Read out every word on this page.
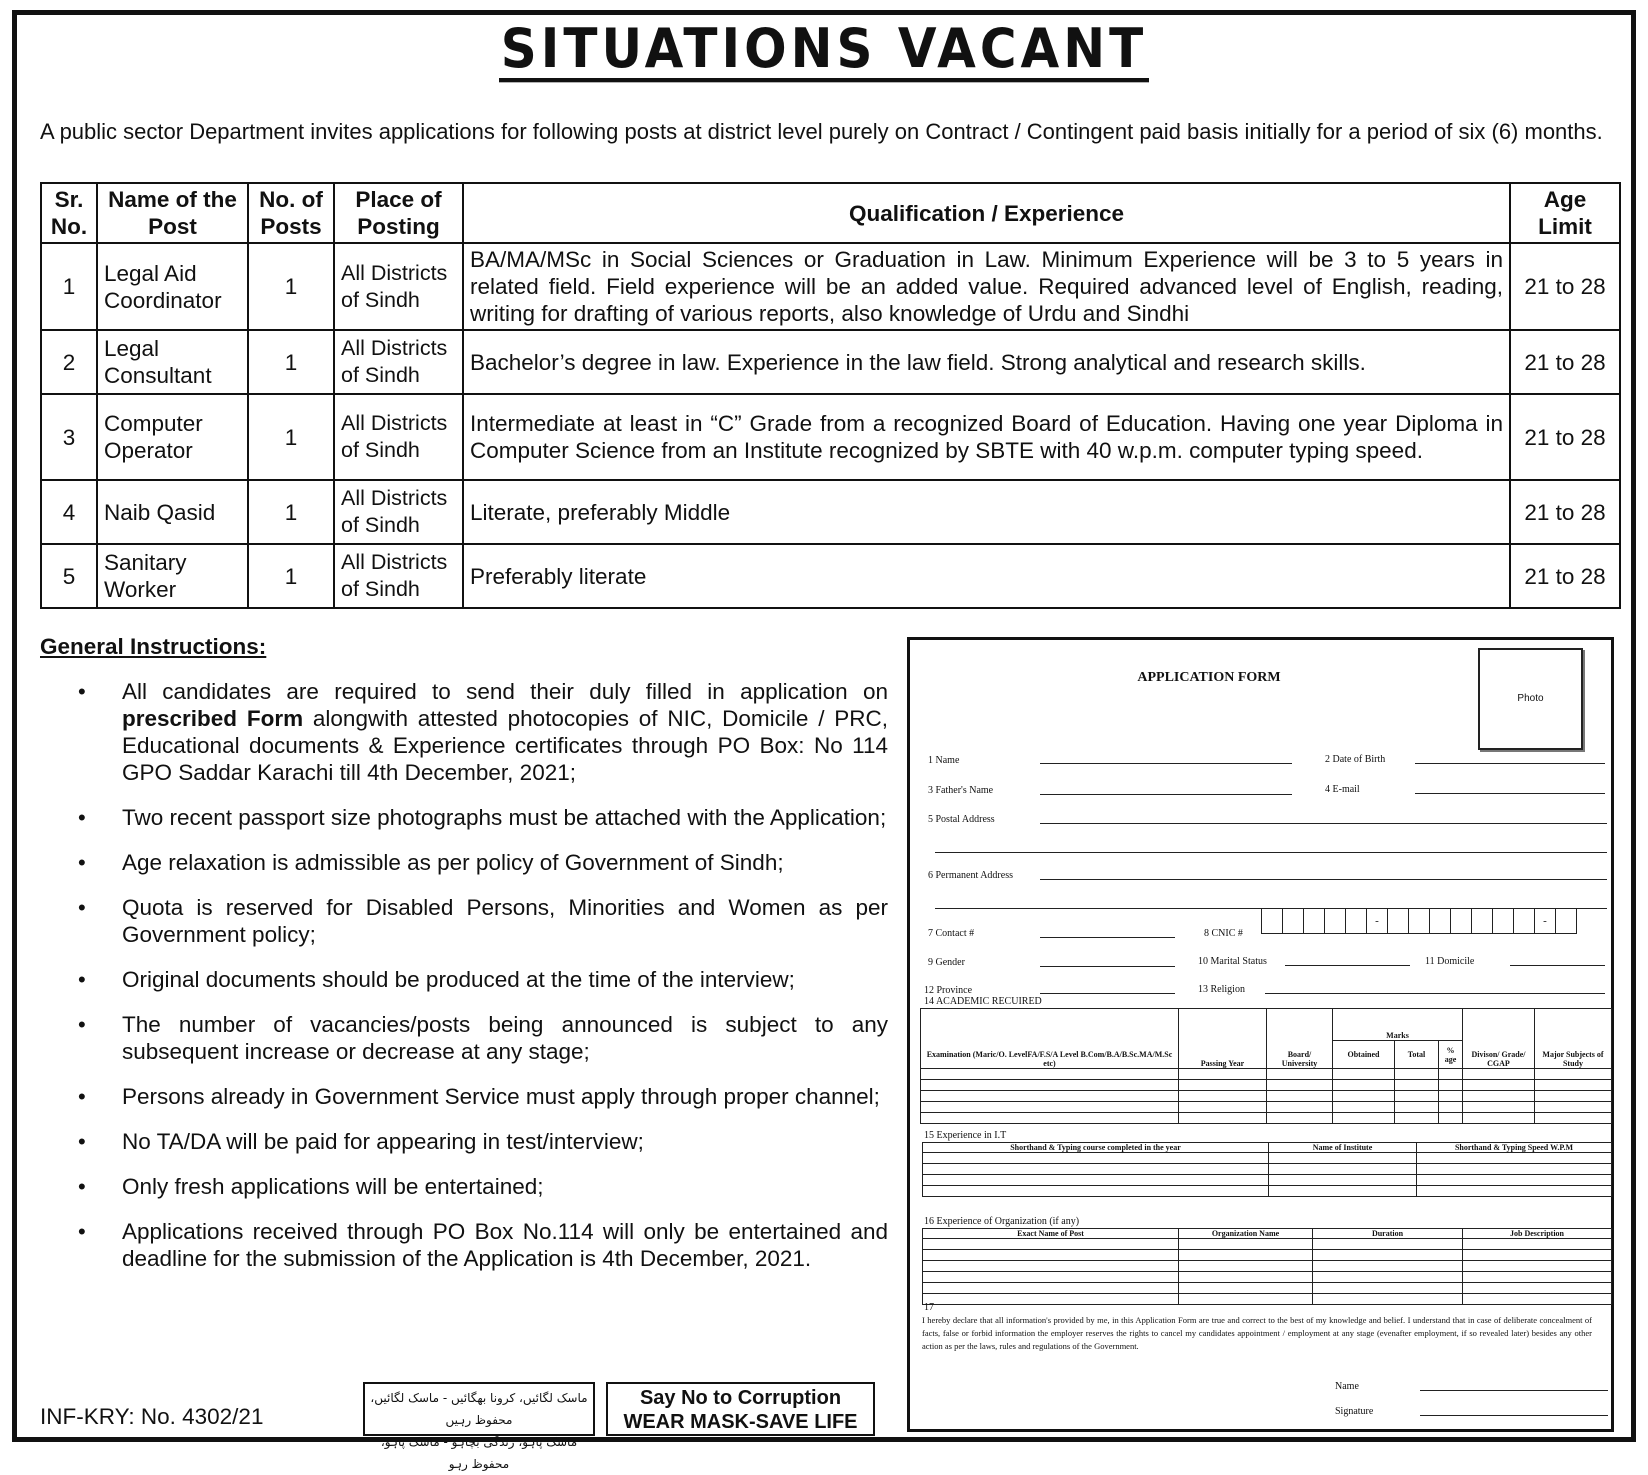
SITUATIONS VACANT

A public sector Department invites applications for following posts at district level purely on Contract / Contingent paid basis initially for a period of six (6) months.

Sr. No.	Name of the Post	No. of Posts	Place of Posting	Qualification / Experience	Age Limit
1	Legal Aid Coordinator	1	All Districts of Sindh	BA/MA/MSc in Social Sciences or Graduation in Law. Minimum Experience will be 3 to 5 years in related field. Field experience will be an added value. Required advanced level of English, reading, writing for drafting of various reports, also knowledge of Urdu and Sindhi	21 to 28
2	Legal Consultant	1	All Districts of Sindh	Bachelor’s degree in law. Experience in the law field. Strong analytical and research skills.	21 to 28
3	Computer Operator	1	All Districts of Sindh	Intermediate at least in “C” Grade from a recognized Board of Education. Having one year Diploma in Computer Science from an Institute recognized by SBTE with 40 w.p.m. computer typing speed.	21 to 28
4	Naib Qasid	1	All Districts of Sindh	Literate, preferably Middle	21 to 28
5	Sanitary Worker	1	All Districts of Sindh	Preferably literate	21 to 28
General Instructions:
• All candidates are required to send their duly filled in application on prescribed Form alongwith attested photocopies of NIC, Domicile / PRC, Educational documents & Experience certificates through PO Box: No 114 GPO Saddar Karachi till 4th December, 2021;
• Two recent passport size photographs must be attached with the Application;
• Age relaxation is admissible as per policy of Government of Sindh;
• Quota is reserved for Disabled Persons, Minorities and Women as per Government policy;
• Original documents should be produced at the time of the interview;
• The number of vacancies/posts being announced is subject to any subsequent increase or decrease at any stage;
• Persons already in Government Service must apply through proper channel;
• No TA/DA will be paid for appearing in test/interview;
• Only fresh applications will be entertained;
• Applications received through PO Box No.114 will only be entertained and deadline for the submission of the Application is 4th December, 2021.
INF-KRY: No. 4302/21
ماسک لگائیں، کرونا بھگائیں - ماسک لگائیں، محفوظ رہیں
ماسک پاہو، زندگی بچاہو - ماسک پاہو، محفوظ رہو
Say No to Corruption
WEAR MASK-SAVE LIFE
APPLICATION FORM
Photo
1 Name	2 Date of Birth
3 Father's Name	4 E-mail
5 Postal Address
6 Permanent Address
7 Contact #	8 CNIC #
-	-
9 Gender	10 Marital Status	11 Domicile
12 Province	13 Religion
14 ACADEMIC RECUIRED
Examination (Maric/O. LevelFA/F.S/A Level B.Com/B.A/B.Sc.MA/M.Sc etc)	Passing Year	Board/ University	Marks			Divison/ Grade/ CGAP	Major Subjects of Study
			Obtained	Total	% age		

15 Experience in I.T
Shorthand & Typing course completed in the year	Name of Institute	Shorthand & Typing Speed W.P.M

16 Experience of Organization (if any)
Exact Name of Post	Organization Name	Duration	Job Description

17
I hereby declare that all information's provided by me, in this Application Form are true and correct to the best of my knowledge and belief. I understand that in case of deliberate concealment of facts, false or forbid information the employer reserves the rights to cancel my candidates appointment / employment at any stage (evenafter employment, if so revealed later) besides any other action as per the laws, rules and regulations of the Government.
Name
Signature
